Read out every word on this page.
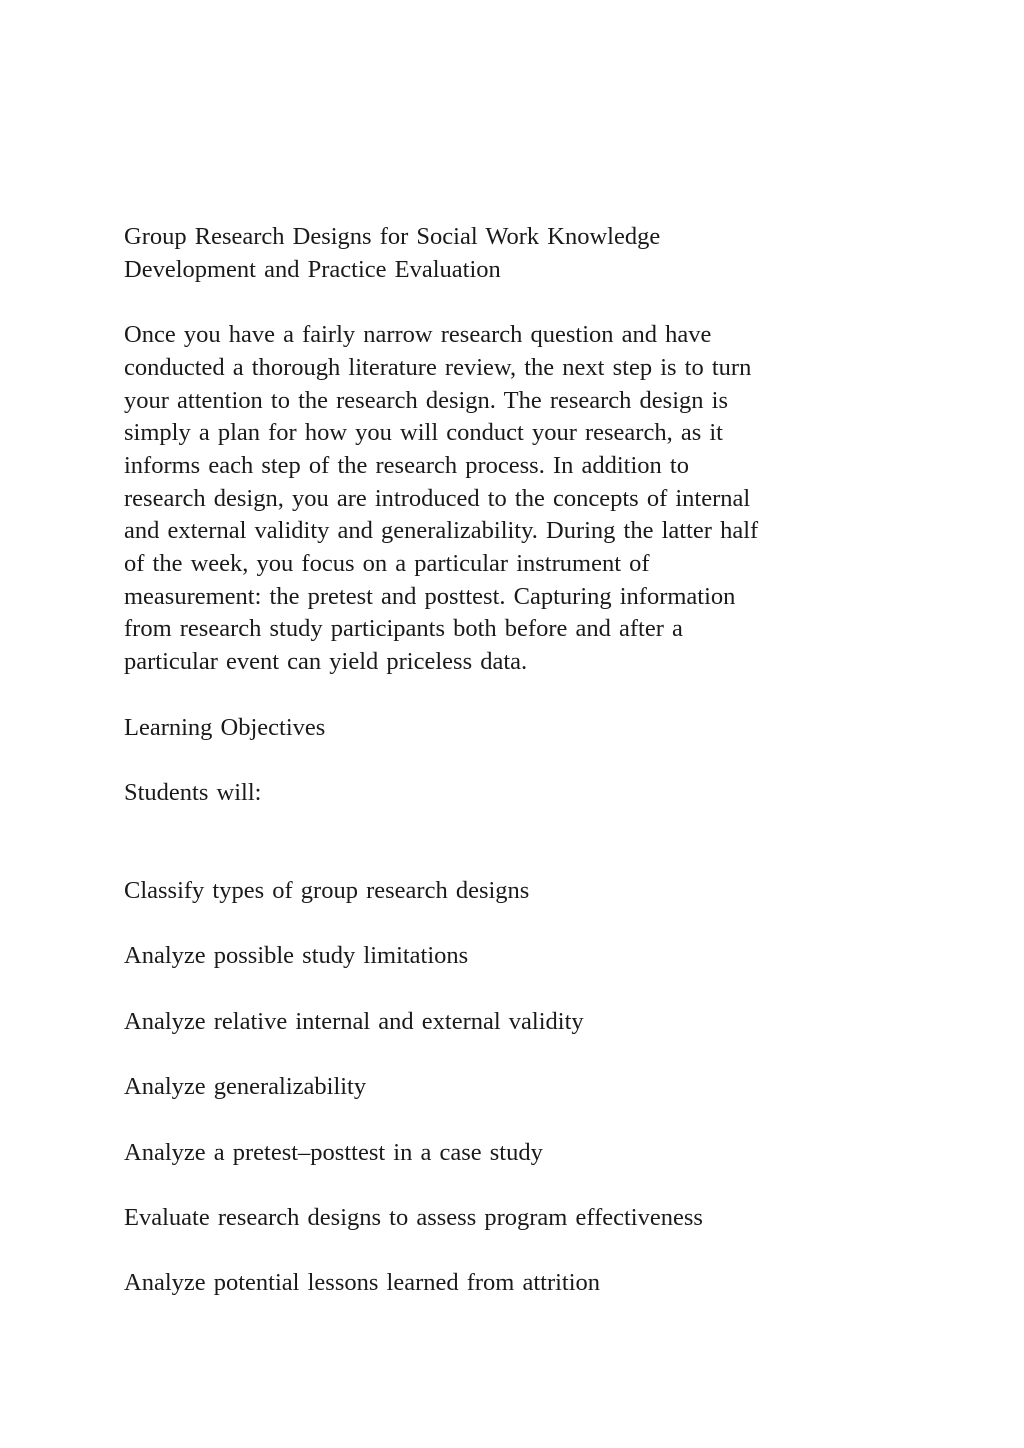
Group Research Designs for Social Work Knowledge
Development and Practice Evaluation

Once you have a fairly narrow research question and have
conducted a thorough literature review, the next step is to turn
your attention to the research design. The research design is
simply a plan for how you will conduct your research, as it
informs each step of the research process. In addition to
research design, you are introduced to the concepts of internal
and external validity and generalizability. During the latter half
of the week, you focus on a particular instrument of
measurement: the pretest and posttest. Capturing information
from research study participants both before and after a
particular event can yield priceless data.

Learning Objectives

Students will:

Classify types of group research designs
Analyze possible study limitations
Analyze relative internal and external validity
Analyze generalizability
Analyze a pretest–posttest in a case study
Evaluate research designs to assess program effectiveness
Analyze potential lessons learned from attrition
